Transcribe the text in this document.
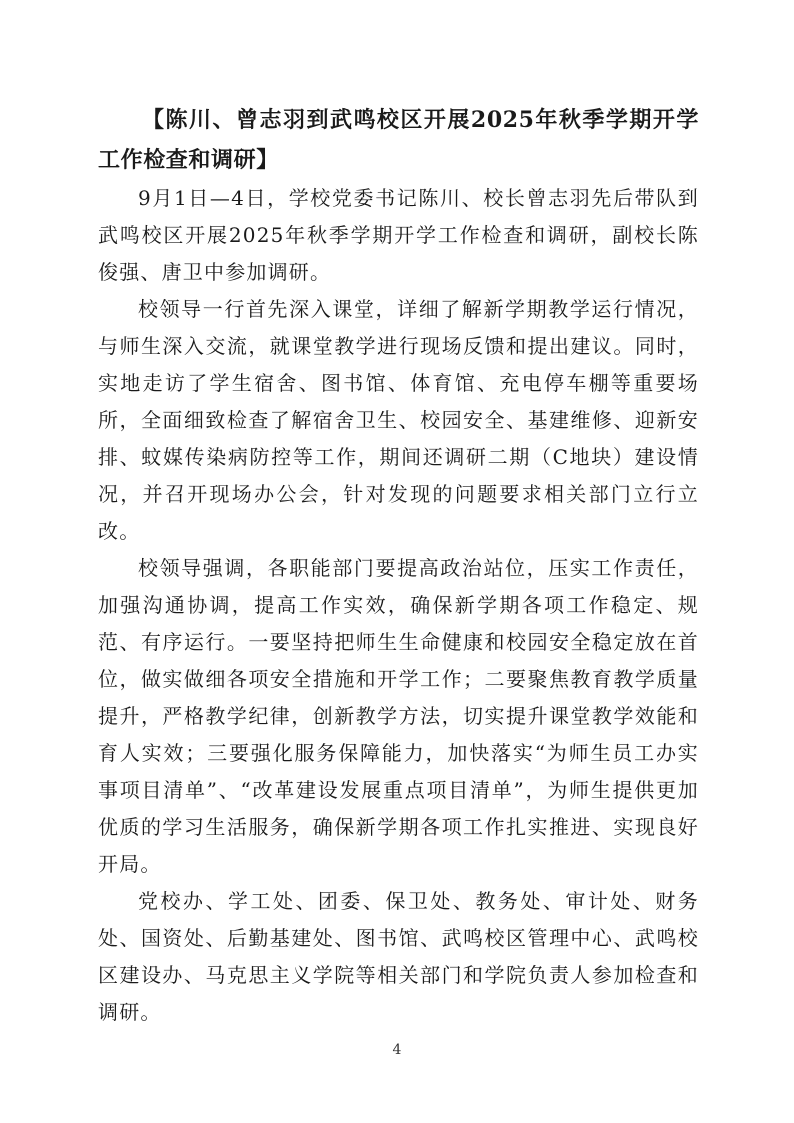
【陈川、曾志羽到武鸣校区开展2025年秋季学期开学工作检查和调研】

9月1日—4日，学校党委书记陈川、校长曾志羽先后带队到武鸣校区开展2025年秋季学期开学工作检查和调研，副校长陈俊强、唐卫中参加调研。

校领导一行首先深入课堂，详细了解新学期教学运行情况，与师生深入交流，就课堂教学进行现场反馈和提出建议。同时，实地走访了学生宿舍、图书馆、体育馆、充电停车棚等重要场所，全面细致检查了解宿舍卫生、校园安全、基建维修、迎新安排、蚊媒传染病防控等工作，期间还调研二期（C地块）建设情况，并召开现场办公会，针对发现的问题要求相关部门立行立改。

校领导强调，各职能部门要提高政治站位，压实工作责任，加强沟通协调，提高工作实效，确保新学期各项工作稳定、规范、有序运行。一要坚持把师生生命健康和校园安全稳定放在首位，做实做细各项安全措施和开学工作；二要聚焦教育教学质量提升，严格教学纪律，创新教学方法，切实提升课堂教学效能和育人实效；三要强化服务保障能力，加快落实“为师生员工办实事项目清单”、“改革建设发展重点项目清单”，为师生提供更加优质的学习生活服务，确保新学期各项工作扎实推进、实现良好开局。

党校办、学工处、团委、保卫处、教务处、审计处、财务处、国资处、后勤基建处、图书馆、武鸣校区管理中心、武鸣校区建设办、马克思主义学院等相关部门和学院负责人参加检查和调研。

4
